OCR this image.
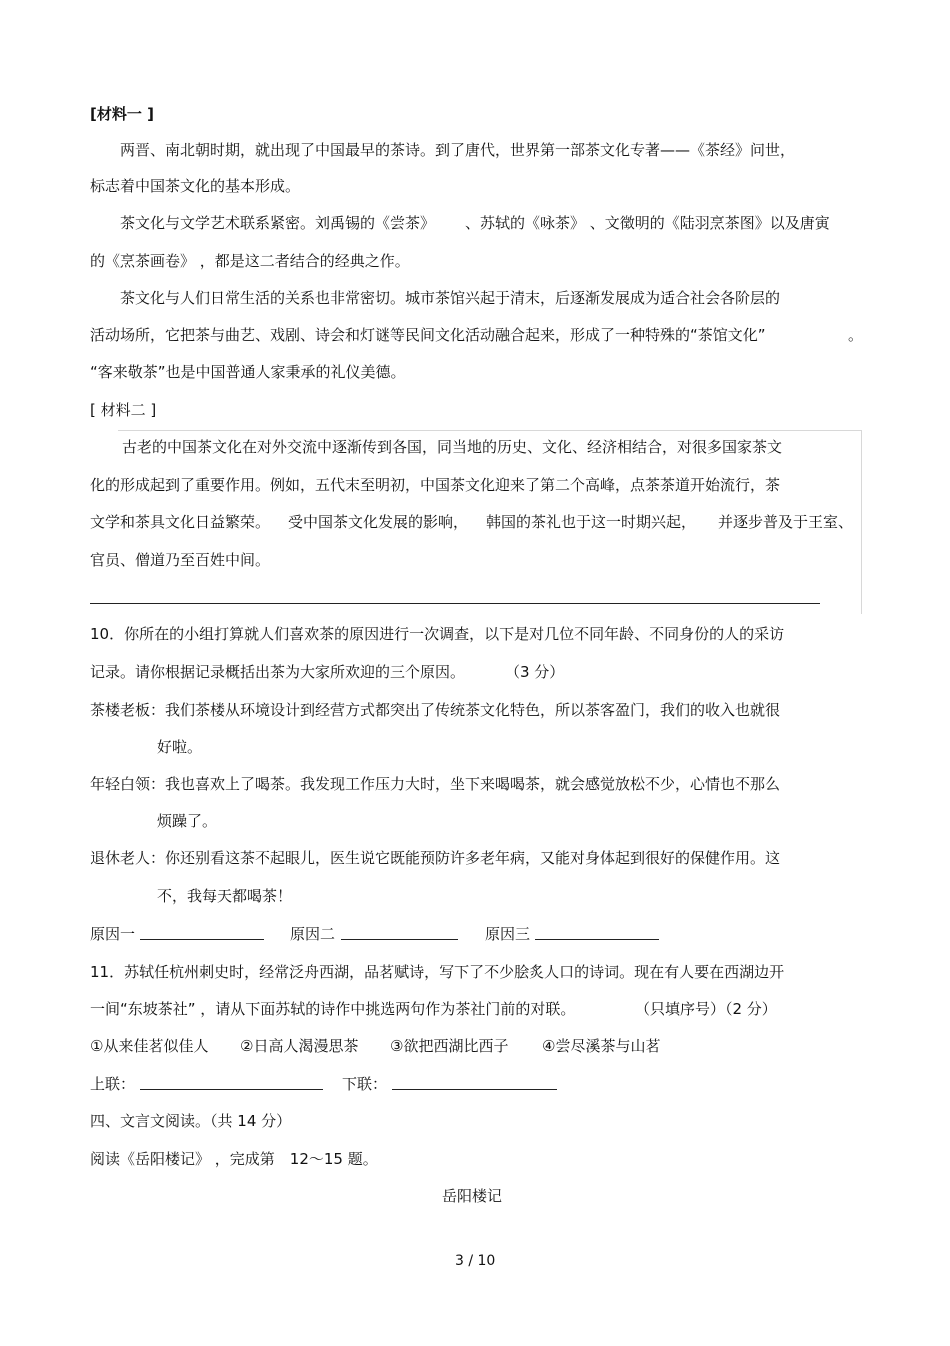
[材料一 ]
两晋、南北朝时期，就出现了中国最早的茶诗。到了唐代，世界第一部茶文化专著——《茶经》问世，
标志着中国茶文化的基本形成。
茶文化与文学艺术联系紧密。刘禹锡的《尝茶》 、苏轼的《咏茶》 、文徵明的《陆羽烹茶图》以及唐寅
的《烹茶画卷》 ，都是这二者结合的经典之作。
茶文化与人们日常生活的关系也非常密切。城市茶馆兴起于清末，后逐渐发展成为适合社会各阶层的
活动场所，它把茶与曲艺、戏剧、诗会和灯谜等民间文化活动融合起来，形成了一种特殊的“茶馆文化”	。
“客来敬茶”也是中国普通人家秉承的礼仪美德。
[ 材料二 ]
古老的中国茶文化在对外交流中逐渐传到各国，同当地的历史、文化、经济相结合，对很多国家茶文
化的形成起到了重要作用。例如，五代末至明初，中国茶文化迎来了第二个高峰，点茶茶道开始流行，茶
文学和茶具文化日益繁荣。 受中国茶文化发展的影响， 韩国的茶礼也于这一时期兴起， 并逐步普及于王室、
官员、僧道乃至百姓中间。
10．你所在的小组打算就人们喜欢茶的原因进行一次调查，以下是对几位不同年龄、不同身份的人的采访
记录。请你根据记录概括出茶为大家所欢迎的三个原因。	（3 分）
茶楼老板：我们茶楼从环境设计到经营方式都突出了传统茶文化特色，所以茶客盈门，我们的收入也就很
好啦。
年轻白领：我也喜欢上了喝茶。我发现工作压力大时，坐下来喝喝茶，就会感觉放松不少，心情也不那么
烦躁了。
退休老人：你还别看这茶不起眼儿，医生说它既能预防许多老年病，又能对身体起到很好的保健作用。这
不，我每天都喝茶！
原因一	原因二	原因三
11．苏轼任杭州刺史时，经常泛舟西湖，品茗赋诗，写下了不少脍炙人口的诗词。现在有人要在西湖边开
一间“东坡茶社” ，请从下面苏轼的诗作中挑选两句作为茶社门前的对联。	（只填序号）（2 分）
①从来佳茗似佳人 ②日高人渴漫思茶 ③欲把西湖比西子 ④尝尽溪茶与山茗
上联：	下联：
四、文言文阅读。（共 14 分）
阅读《岳阳楼记》 ，完成第　12～15 题。
岳阳楼记
3 / 10
